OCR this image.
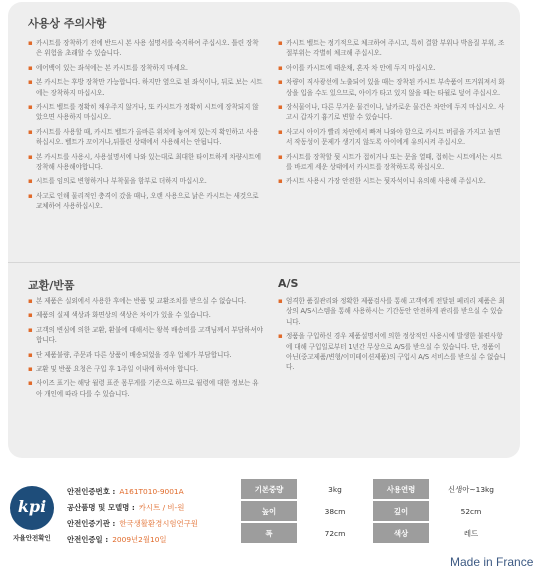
사용상 주의사항
▪ 카시트를 장착하기 전에 반드시 본 사용 설명서를 숙지하여 주십시오. 틀린 장착은 위험을 초래할 수 있습니다.
▪ 에어백이 있는 좌석에는 본 카시트를 장착하지 마세요.
▪ 본 카시트는 후방 장착만 가능합니다. 하지만 옆으로 된 좌석이나, 뒤로 보는 시트에는 장착하지 마십시오.
▪ 카시트 벨트를 정확히 채우주지 않거나, 또 카시트가 정확히 시트에 장착되지 않았으면 사용하지 마십시오.
▪ 카시트를 사용할 때, 카시트 벨트가 올바른 위치에 놓여져 있는지 확인하고 사용하십시오. 벨트가 꼬이거나,뒤틀린 상태에서 사용해서는 안됩니다.
▪ 본 카시트를 사용시, 사용설명서에 나와 있는대로 최대한 타이트하게 차량시트에 장착해 사용해야합니다.
▪ 시트를 임의로 변형하거나 부착물을 함부로 더하지 마십시오.
▪ 사고로 인해 물리적인 충격이 갔을 때나, 오랜 사용으로 낡은 카시트는 새것으로 교체하여 사용하십시오.
▪ 카시트 벨트는 정기적으로 체크하여 주시고, 특히 결함 부위나 박음질 부위, 조절부위는 각별히 체크해 주십시오.
▪ 아이를 카시트에 태운채, 혼자 차 안에 두지 마십시오.
▪ 차량이 직사광선에 노출되어 있을 때는 장착된 카시트 부속품이 뜨거워져서 화상을 입을 수도 있으므로, 아이가 타고 있지 않을 때는 타월로 덮어 주십시오.
▪ 장식물이나, 다른 무거운 물건이나, 날카로운 물건은 차안에 두지 마십시오. 사고시 갑자기 흉기로 변할 수 있습니다.
▪ 사고시 아이가 빨리 차안에서 빠져 나와야 함으로 카시트 버클을 가지고 놀면서 작동성이 문제가 생기지 않도록 아이에게 유의시켜 주십시오.
▪ 카시트를 장착할 뒷 시트가 접히거나 또는 문을 열때, 접히는 시트에서는 시트를 바르게 세운 상태에서 카시트를 장착하도록 하십시오.
▪ 카시트 사용시 가장 안전한 시트는 뒷자석이니 유의해 사용해 주십시오.
교환/반품
▪ 본 제품은 실외에서 사용한 후에는 반품 및 교환조치를 받으실 수 없습니다.
▪ 제품의 실제 색상과 화면상의 색상은 차이가 있을 수 있습니다.
▪ 고객의 변심에 의한 교환, 환불에 대해서는 왕복 배송비를 고객님께서 부담하셔야 합니다.
▪ 단 제품불량, 주문과 다른 상품이 배송되었을 경우 업체가 부담합니다.
▪ 교환 및 반품 요청은 구입 후 1주일 이내에 하셔야 합니다.
▪ 사이즈 표기는 해당 월령 표준 몸무게를 기준으로 하므로 월령에 대한 정보는 유아 개인에 따라 다를 수 있습니다.
A/S
▪ 엄격한 품질관리와 정확한 제품검사를 통해 고객에게 전달된 페리리 제품은 최상의 A/S시스템을 통해 사용하시는 기간동안 안전하게 관리를 받으실 수 있습니다.
▪ 정품을 구입하신 경우 제품설명서에 의한 정상적인 사용시에 발생한 불편사항에 대해 구입일로부터 1년간 무상으로 A/S를 받으실 수 있습니다. 단, 정품이 아닌(중고제품/변형/이미테이션제품)의 구입시 A/S 서비스를 받으실 수 없습니다.
kpi
자율안전확인
안전인증번호 : A161T010-9001A
공산품명 및 모델명 : 카시트 / 비-원
안전인증기관 : 한국생활환경시험연구원
안전인증일 : 2009년2월10일
기본중량	3kg	사용연령	신생아~13kg
높이	38cm	깊이	52cm
폭	72cm	색상	레드
Made in France
